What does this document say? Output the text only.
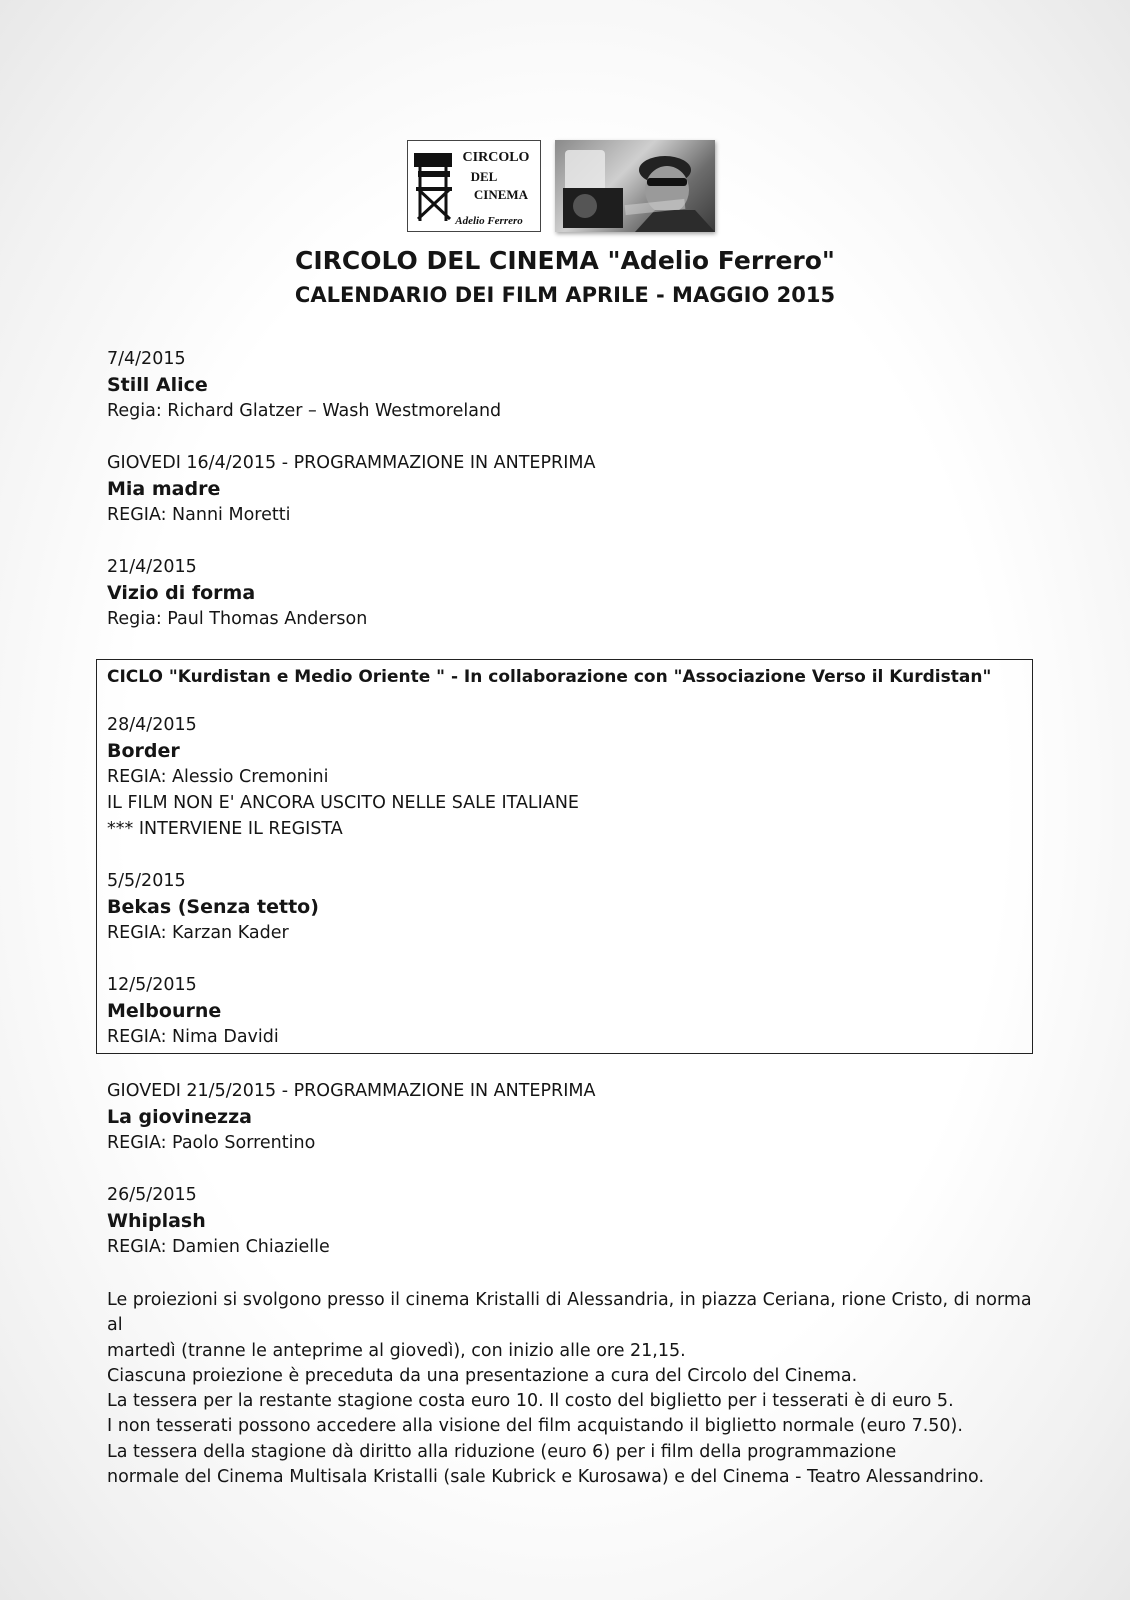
CIRCOLO
DEL
CINEMA
Adelio Ferrero
CIRCOLO DEL CINEMA "Adelio Ferrero"
CALENDARIO DEI FILM APRILE - MAGGIO 2015
7/4/2015
Still Alice
Regia: Richard Glatzer – Wash Westmoreland
GIOVEDI 16/4/2015 - PROGRAMMAZIONE IN ANTEPRIMA
Mia madre
REGIA: Nanni Moretti
21/4/2015
Vizio di forma
Regia: Paul Thomas Anderson
CICLO "Kurdistan e Medio Oriente " - In collaborazione con "Associazione Verso il Kurdistan"
28/4/2015
Border
REGIA: Alessio Cremonini
IL FILM NON E' ANCORA USCITO NELLE SALE ITALIANE
*** INTERVIENE IL REGISTA
5/5/2015
Bekas (Senza tetto)
REGIA: Karzan Kader
12/5/2015
Melbourne
REGIA: Nima Davidi
GIOVEDI 21/5/2015 - PROGRAMMAZIONE IN ANTEPRIMA
La giovinezza
REGIA: Paolo Sorrentino
26/5/2015
Whiplash
REGIA: Damien Chiazielle

Le proiezioni si svolgono presso il cinema Kristalli di Alessandria, in piazza Ceriana, rione Cristo, di norma al

martedì (tranne le anteprime al giovedì), con inizio alle ore 21,15.

Ciascuna proiezione è preceduta da una presentazione a cura del Circolo del Cinema.

La tessera per la restante stagione costa euro 10. Il costo del biglietto per i tesserati è di euro 5.

I non tesserati possono accedere alla visione del film acquistando il biglietto normale (euro 7.50).

La tessera della stagione dà diritto alla riduzione (euro 6) per i film della programmazione

normale del Cinema Multisala Kristalli (sale Kubrick e Kurosawa) e del Cinema - Teatro Alessandrino.
